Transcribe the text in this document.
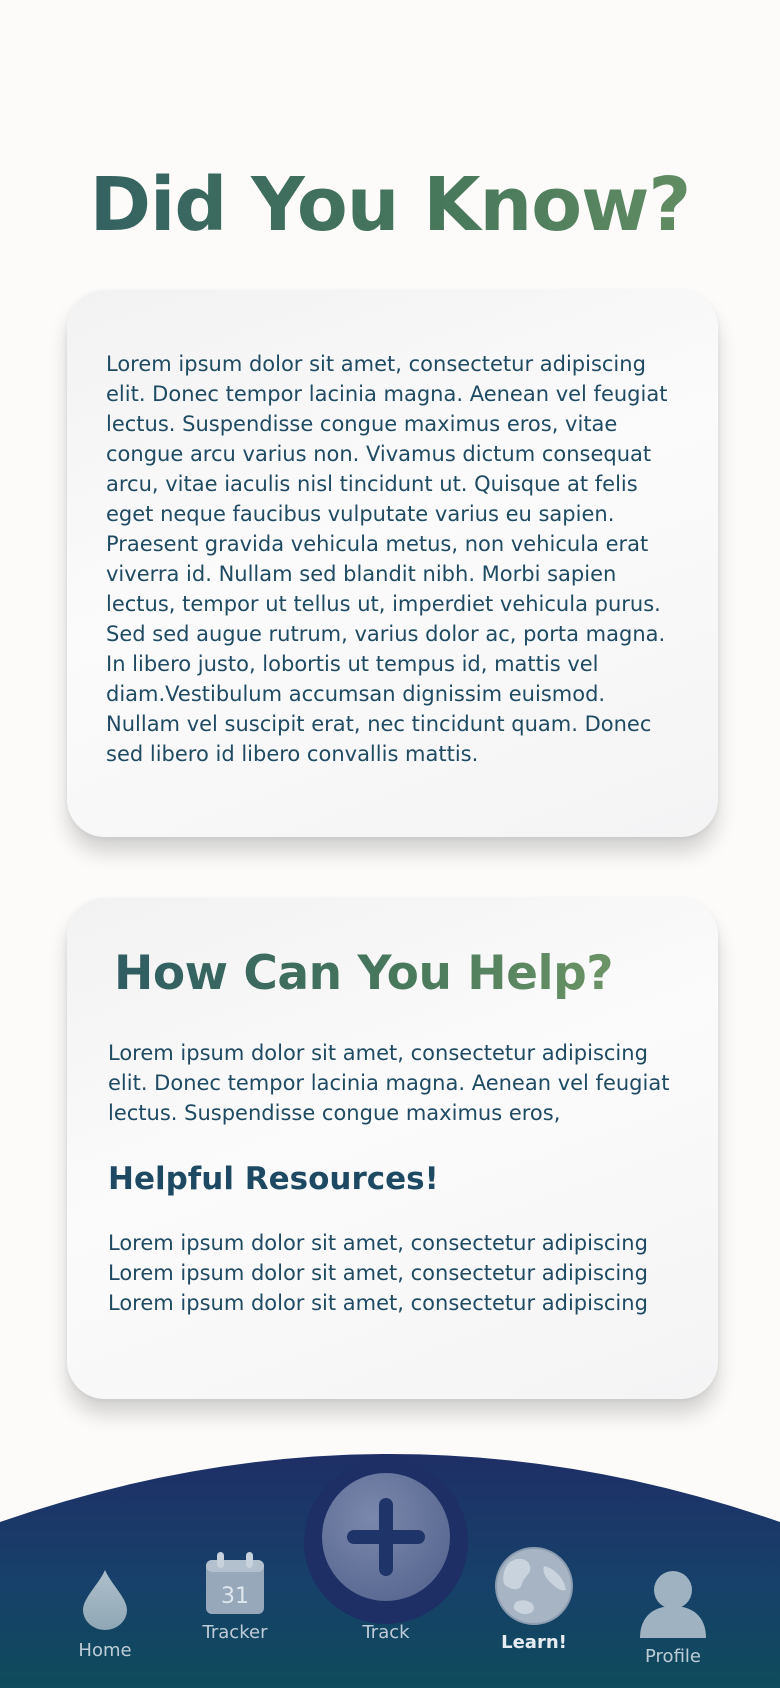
Did You Know?

Lorem ipsum dolor sit amet, consectetur adipiscing
elit. Donec tempor lacinia magna. Aenean vel feugiat
lectus. Suspendisse congue maximus eros, vitae
congue arcu varius non. Vivamus dictum consequat
arcu, vitae iaculis nisl tincidunt ut. Quisque at felis
eget neque faucibus vulputate varius eu sapien.
Praesent gravida vehicula metus, non vehicula erat
viverra id. Nullam sed blandit nibh. Morbi sapien
lectus, tempor ut tellus ut, imperdiet vehicula purus.
Sed sed augue rutrum, varius dolor ac, porta magna.
In libero justo, lobortis ut tempus id, mattis vel
diam.Vestibulum accumsan dignissim euismod.
Nullam vel suscipit erat, nec tincidunt quam. Donec
sed libero id libero convallis mattis.

How Can You Help?

Lorem ipsum dolor sit amet, consectetur adipiscing
elit. Donec tempor lacinia magna. Aenean vel feugiat
lectus. Suspendisse congue maximus eros,

Helpful Resources!

Lorem ipsum dolor sit amet, consectetur adipiscing
Lorem ipsum dolor sit amet, consectetur adipiscing
Lorem ipsum dolor sit amet, consectetur adipiscing

Home
31
Tracker	Track	Learn!
Profile
